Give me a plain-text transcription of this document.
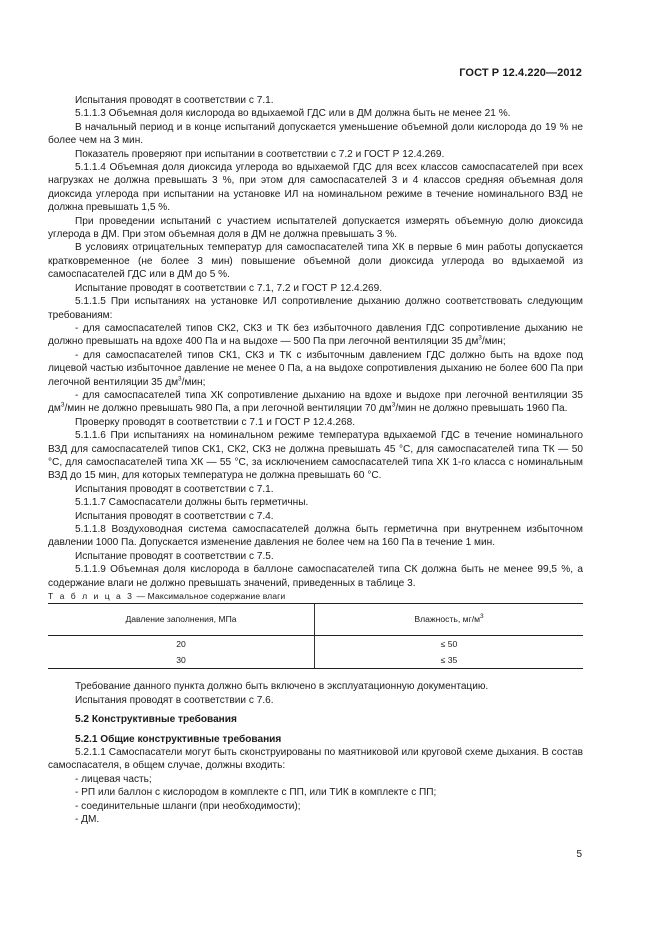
ГОСТ Р 12.4.220—2012

Испытания проводят в соответствии с 7.1.

5.1.1.3 Объемная доля кислорода во вдыхаемой ГДС или в ДМ должна быть не менее 21 %.

В начальный период и в конце испытаний допускается уменьшение объемной доли кислорода до 19 % не более чем на 3 мин.

Показатель проверяют при испытании в соответствии с 7.2 и ГОСТ Р 12.4.269.

5.1.1.4 Объемная доля диоксида углерода во вдыхаемой ГДС для всех классов самоспасателей при всех нагрузках не должна превышать 3 %, при этом для самоспасателей 3 и 4 классов средняя объемная доля диоксида углерода при испытании на установке ИЛ на номинальном режиме в течение номинального ВЗД не должна превышать 1,5 %.

При проведении испытаний с участием испытателей допускается измерять объемную долю диоксида углерода в ДМ. При этом объемная доля в ДМ не должна превышать 3 %.

В условиях отрицательных температур для самоспасателей типа ХК в первые 6 мин работы допускается кратковременное (не более 3 мин) повышение объемной доли диоксида углерода во вдыхаемой из самоспасателей ГДС или в ДМ до 5 %.

Испытание проводят в соответствии с 7.1, 7.2 и ГОСТ Р 12.4.269.

5.1.1.5 При испытаниях на установке ИЛ сопротивление дыханию должно соответствовать следующим требованиям:

- для самоспасателей типов СК2, СК3 и ТК без избыточного давления ГДС сопротивление дыханию не должно превышать на вдохе 400 Па и на выдохе — 500 Па при легочной вентиляции 35 $дм^3$/мин;

- для самоспасателей типов СК1, СК3 и ТК с избыточным давлением ГДС должно быть на вдохе под лицевой частью избыточное давление не менее 0 Па, а на выдохе сопротивления дыханию не более 600 Па при легочной вентиляции 35 $дм^3$/мин;

- для самоспасателей типа ХК сопротивление дыханию на вдохе и выдохе при легочной вентиляции 35 $дм^3$/мин не должно превышать 980 Па, а при легочной вентиляции 70 $дм^3$/мин не должно превышать 1960 Па.

Проверку проводят в соответствии с 7.1 и ГОСТ Р 12.4.268.

5.1.1.6 При испытаниях на номинальном режиме температура вдыхаемой ГДС в течение номинального ВЗД для самоспасателей типов СК1, СК2, СК3 не должна превышать 45 °С, для самоспасателей типа ТК — 50 °С, для самоспасателей типа ХК — 55 °С, за исключением самоспасателей типа ХК 1-го класса с номинальным ВЗД до 15 мин, для которых температура не должна превышать 60 °С.

Испытания проводят в соответствии с 7.1.

5.1.1.7 Самоспасатели должны быть герметичны.

Испытания проводят в соответствии с 7.4.

5.1.1.8 Воздуховодная система самоспасателей должна быть герметична при внутреннем избыточном давлении 1000 Па. Допускается изменение давления не более чем на 160 Па в течение 1 мин.

Испытание проводят в соответствии с 7.5.

5.1.1.9 Объемная доля кислорода в баллоне самоспасателей типа СК должна быть не менее 99,5 %, а содержание влаги не должно превышать значений, приведенных в таблице 3.

Т а б л и ц а 3 — Максимальное содержание влаги

Давление заполнения, МПа	Влажность, $мг/м^3$
20	≤ 50
30	≤ 35

Требование данного пункта должно быть включено в эксплуатационную документацию.

Испытания проводят в соответствии с 7.6.

5.2 Конструктивные требования

5.2.1 Общие конструктивные требования

5.2.1.1 Самоспасатели могут быть сконструированы по маятниковой или круговой схеме дыхания. В состав самоспасателя, в общем случае, должны входить:

- лицевая часть;

- РП или баллон с кислородом в комплекте с ПП, или ТИК в комплекте с ПП;

- соединительные шланги (при необходимости);

- ДМ.

5
